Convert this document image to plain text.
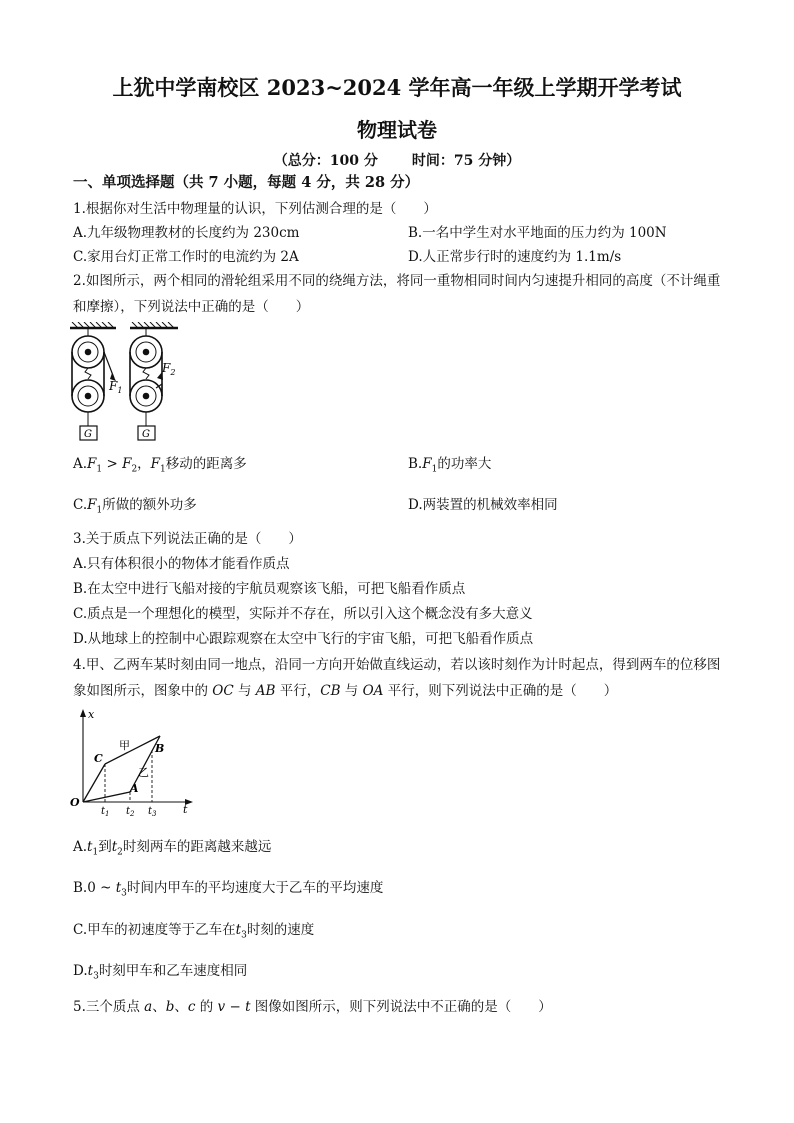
上犹中学南校区 2023~2024 学年高一年级上学期开学考试
物理试卷
（总分：100 分 时间：75 分钟）
一、单项选择题（共 7 小题，每题 4 分，共 28 分）
1.根据你对生活中物理量的认识，下列估测合理的是（　　）
A.九年级物理教材的长度约为 230cm	B.一名中学生对水平地面的压力约为 100N
C.家用台灯正常工作时的电流约为 2A	D.人正常步行时的速度约为 1.1m/s
2.如图所示，两个相同的滑轮组采用不同的绕绳方法，将同一重物相同时间内匀速提升相同的高度（不计绳重和摩擦），下列说法中正确的是（　　）
$F_1$
$F_2$
G	G
$A.F_1 > F_2$，$F_1$移动的距离多	$B.F_1$的功率大
$C.F_1$所做的额外功多	D.两装置的机械效率相同
3.关于质点下列说法正确的是（　　）
A.只有体积很小的物体才能看作质点
B.在太空中进行飞船对接的宇航员观察该飞船，可把飞船看作质点
C.质点是一个理想化的模型，实际并不存在，所以引入这个概念没有多大意义
D.从地球上的控制中心跟踪观察在太空中飞行的宇宙飞船，可把飞船看作质点
4.甲、乙两车某时刻由同一地点，沿同一方向开始做直线运动，若以该时刻作为计时起点，得到两车的位移图象如图所示，图象中的 OC 与 AB 平行，CB 与 OA 平行，则下列说法中正确的是（　　）
x
t
O
C
B
A
甲
乙
$t_1$ $t_2$ $t_3$
$A.t_1$到$t_2$时刻两车的距离越来越远
B.0 ~ $t_3$时间内甲车的平均速度大于乙车的平均速度
C.甲车的初速度等于乙车在$t_3$时刻的速度
$D.t_3$时刻甲车和乙车速度相同
5.三个质点 a、b、c 的 v − t 图像如图所示，则下列说法中不正确的是（　　）
